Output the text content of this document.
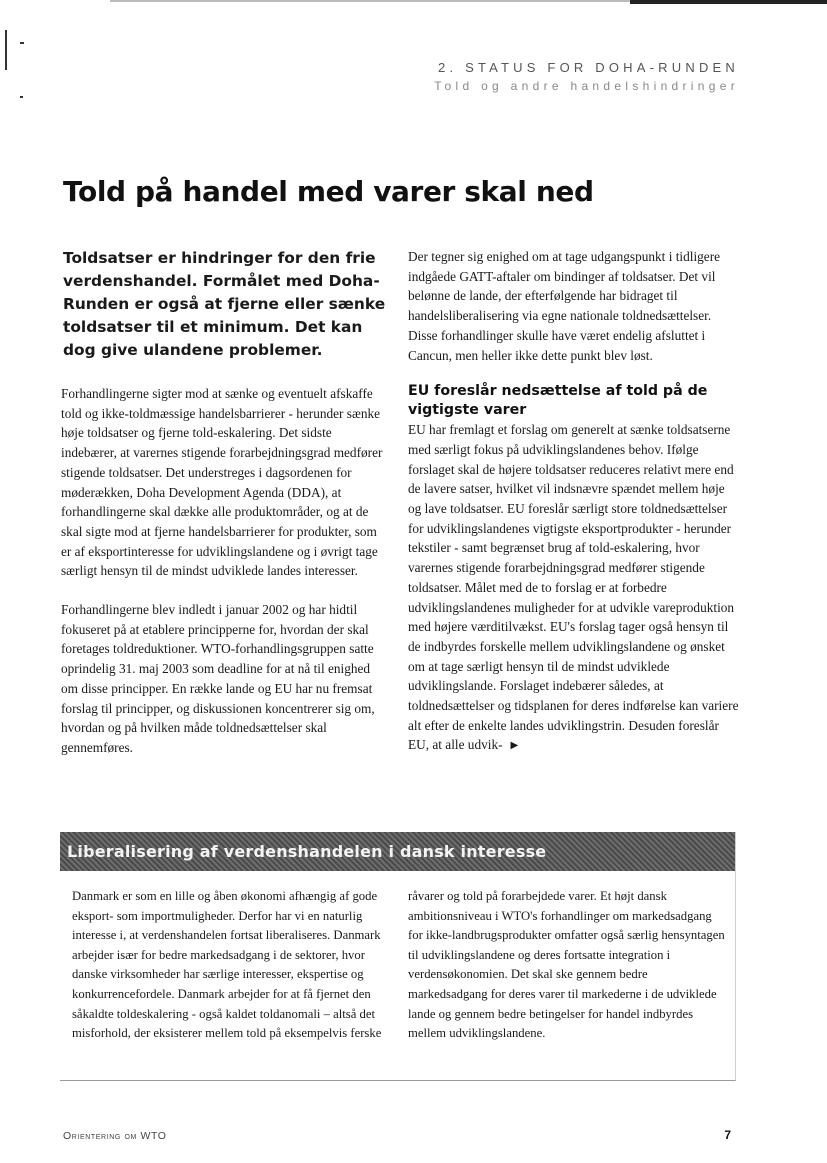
2. STATUS FOR DOHA-RUNDEN
Told og andre handelshindringer
Told på handel med varer skal ned

Toldsatser er hindringer for den frie verdenshandel. Formålet med Doha-Runden er også at fjerne eller sænke toldsatser til et minimum. Det kan dog give ulandene problemer.

Forhandlingerne sigter mod at sænke og eventuelt afskaffe told og ikke-toldmæssige handelsbarrierer - herunder sænke høje toldsatser og fjerne told-eskalering. Det sidste indebærer, at varernes stigende forarbejdningsgrad medfører stigende toldsatser. Det understreges i dagsordenen for møderækken, Doha Development Agenda (DDA), at forhandlingerne skal dække alle produktområder, og at de skal sigte mod at fjerne handelsbarrierer for produkter, som er af eksportinteresse for udviklingslandene og i øvrigt tage særligt hensyn til de mindst udviklede landes interesser.

Forhandlingerne blev indledt i januar 2002 og har hidtil fokuseret på at etablere principperne for, hvordan der skal foretages toldreduktioner. WTO-forhandlingsgruppen satte oprindelig 31. maj 2003 som deadline for at nå til enighed om disse principper. En række lande og EU har nu fremsat forslag til principper, og diskussionen koncentrerer sig om, hvordan og på hvilken måde toldnedsættelser skal gennemføres.

Der tegner sig enighed om at tage udgangspunkt i tidligere indgåede GATT-aftaler om bindinger af toldsatser. Det vil belønne de lande, der efterfølgende har bidraget til handelsliberalisering via egne nationale toldnedsættelser. Disse forhandlinger skulle have været endelig afsluttet i Cancun, men heller ikke dette punkt blev løst.

EU foreslår nedsættelse af told på de vigtigste varer

EU har fremlagt et forslag om generelt at sænke toldsatserne med særligt fokus på udviklingslandenes behov. Ifølge forslaget skal de højere toldsatser reduceres relativt mere end de lavere satser, hvilket vil indsnævre spændet mellem høje og lave toldsatser. EU foreslår særligt store toldnedsættelser for udviklingslandenes vigtigste eksportprodukter - herunder tekstiler - samt begrænset brug af told-eskalering, hvor varernes stigende forarbejdningsgrad medfører stigende toldsatser. Målet med de to forslag er at forbedre udviklingslandenes muligheder for at udvikle vareproduktion med højere værditilvækst. EU's forslag tager også hensyn til de indbyrdes forskelle mellem udviklingslandene og ønsket om at tage særligt hensyn til de mindst udviklede udviklingslande. Forslaget indebærer således, at toldnedsættelser og tidsplanen for deres indførelse kan variere alt efter de enkelte landes udviklingstrin. Desuden foreslår EU, at alle udvik- ▶

Liberalisering af verdenshandelen i dansk interesse

Danmark er som en lille og åben økonomi afhængig af gode eksport- som importmuligheder. Derfor har vi en naturlig interesse i, at verdenshandelen fortsat liberaliseres. Danmark arbejder især for bedre markedsadgang i de sektorer, hvor danske virksomheder har særlige interesser, ekspertise og konkurrencefordele. Danmark arbejder for at få fjernet den såkaldte toldeskalering - også kaldet toldanomali – altså det misforhold, der eksisterer mellem told på eksempelvis ferske

råvarer og told på forarbejdede varer. Et højt dansk ambitionsniveau i WTO's forhandlinger om markedsadgang for ikke-landbrugsprodukter omfatter også særlig hensyntagen til udviklingslandene og deres fortsatte integration i verdensøkonomien. Det skal ske gennem bedre markedsadgang for deres varer til markederne i de udviklede lande og gennem bedre betingelser for handel indbyrdes mellem udviklingslandene.

Orientering om WTO	7
